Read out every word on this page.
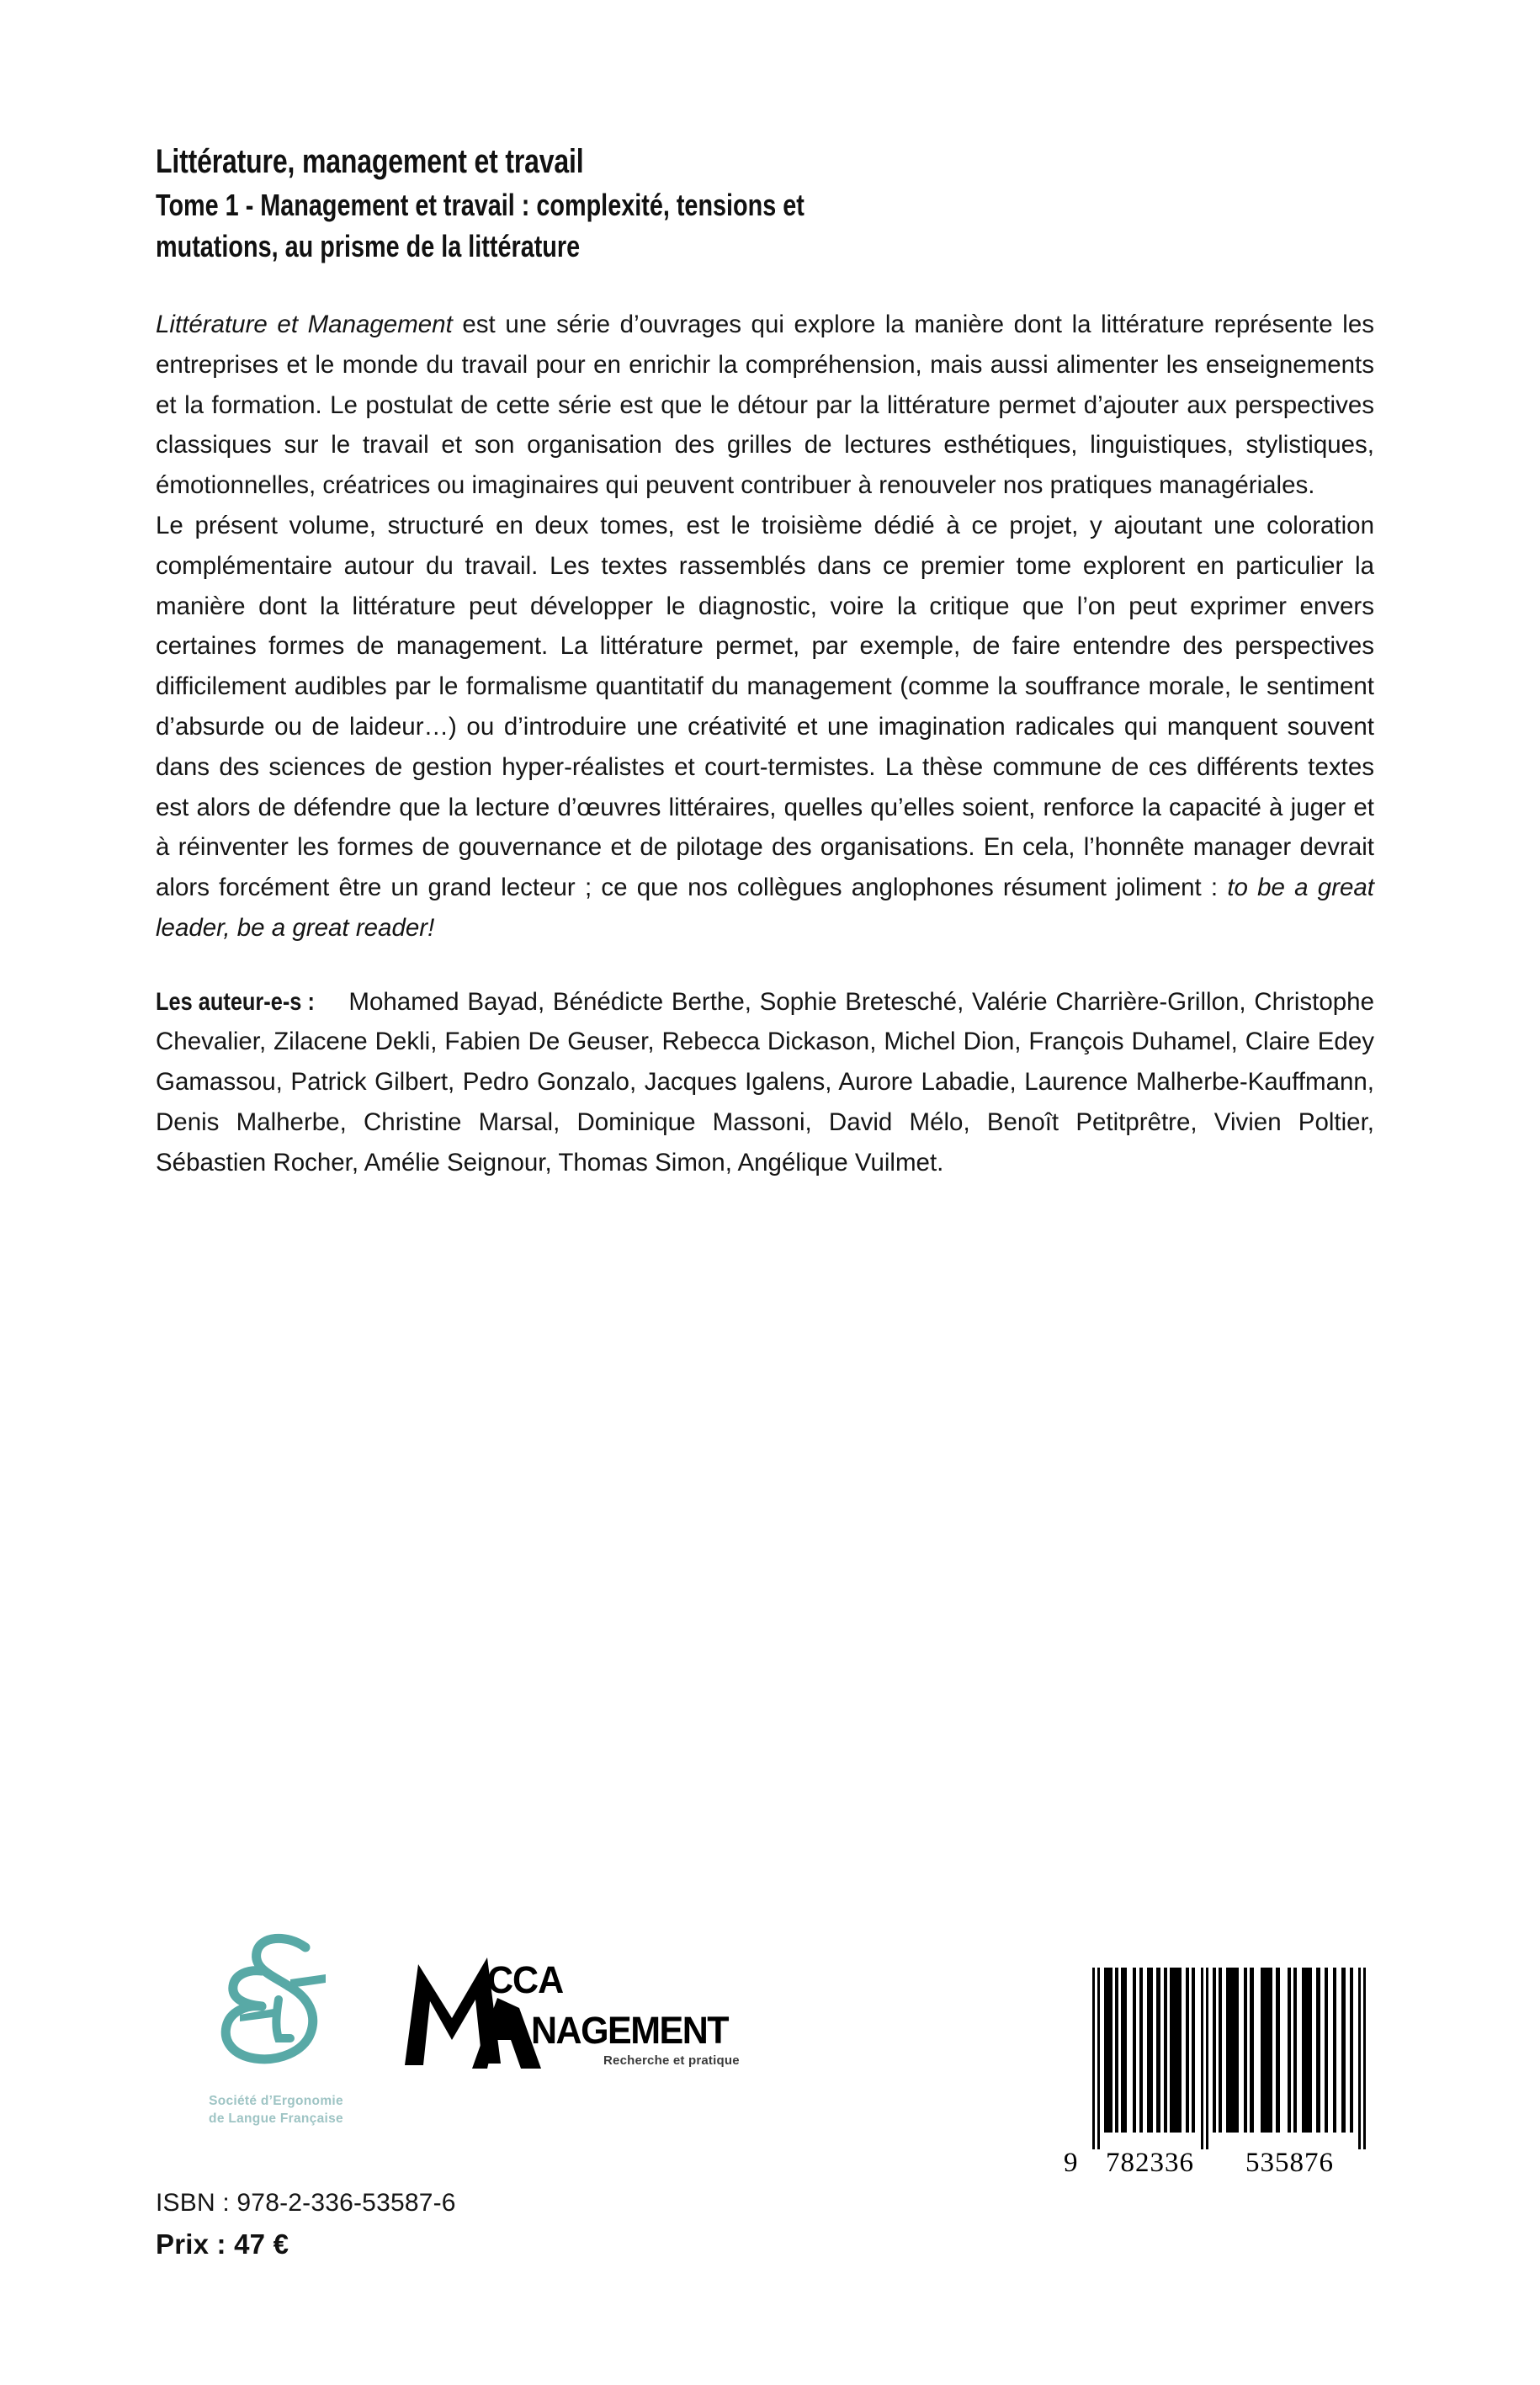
Littérature, management et travail
Tome 1 - Management et travail : complexité, tensions et
mutations, au prisme de la littérature

Littérature et Management est une série d’ouvrages qui explore la manière dont la littérature représente les entreprises et le monde du travail pour en enrichir la compréhension, mais aussi alimenter les enseignements et la formation. Le postulat de cette série est que le détour par la littérature permet d’ajouter aux perspectives classiques sur le travail et son organisation des grilles de lectures esthétiques, linguistiques, stylistiques, émotionnelles, créatrices ou imaginaires qui peuvent contribuer à renouveler nos pratiques managériales.

Le présent volume, structuré en deux tomes, est le troisième dédié à ce projet, y ajoutant une coloration complémentaire autour du travail. Les textes rassemblés dans ce premier tome explorent en particulier la manière dont la littérature peut développer le diagnostic, voire la critique que l’on peut exprimer envers certaines formes de management. La littérature permet, par exemple, de faire entendre des perspectives difficilement audibles par le formalisme quantitatif du management (comme la souffrance morale, le sentiment d’absurde ou de laideur…) ou d’introduire une créativité et une imagination radicales qui manquent souvent dans des sciences de gestion hyper-réalistes et court-termistes. La thèse commune de ces différents textes est alors de défendre que la lecture d’œuvres littéraires, quelles qu’elles soient, renforce la capacité à juger et à réinventer les formes de gouvernance et de pilotage des organisations. En cela, l’honnête manager devrait alors forcément être un grand lecteur ; ce que nos collègues anglophones résument joliment : to be a great leader, be a great reader!

Les auteur-e-s : Mohamed Bayad, Bénédicte Berthe, Sophie Bretesché, Valérie Charrière-Grillon, Christophe Chevalier, Zilacene Dekli, Fabien De Geuser, Rebecca Dickason, Michel Dion, François Duhamel, Claire Edey Gamassou, Patrick Gilbert, Pedro Gonzalo, Jacques Igalens, Aurore Labadie, Laurence Malherbe-Kauffmann, Denis Malherbe, Christine Marsal, Dominique Massoni, David Mélo, Benoît Petitprêtre, Vivien Poltier, Sébastien Rocher, Amélie Seignour, Thomas Simon, Angélique Vuilmet.
Société d’Ergonomie
de Langue Française
CCA
NAGEMENT
Recherche et pratique
9 782336 535876
ISBN : 978-2-336-53587-6
Prix : 47 €
